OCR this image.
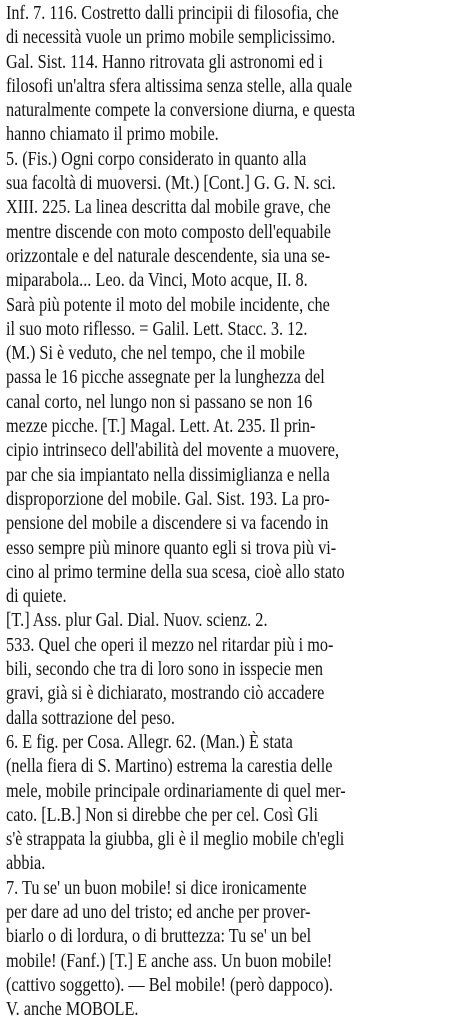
Inf. 7. 116. Costretto dalli principii di filosofia, che
di necessità vuole un primo mobile semplicissimo.
Gal. Sist. 114. Hanno ritrovata gli astronomi ed i
filosofi un'altra sfera altissima senza stelle, alla quale
naturalmente compete la conversione diurna, e questa
hanno chiamato il primo mobile.
5. (Fis.) Ogni corpo considerato in quanto alla
sua facoltà di muoversi. (Mt.) [Cont.] G. G. N. sci.
XIII. 225. La linea descritta dal mobile grave, che
mentre discende con moto composto dell'equabile
orizzontale e del naturale descendente, sia una se-
miparabola... Leo. da Vinci, Moto acque, II. 8.
Sarà più potente il moto del mobile incidente, che
il suo moto riflesso. = Galil. Lett. Stacc. 3. 12.
(M.) Si è veduto, che nel tempo, che il mobile
passa le 16 picche assegnate per la lunghezza del
canal corto, nel lungo non si passano se non 16
mezze picche. [T.] Magal. Lett. At. 235. Il prin-
cipio intrinseco dell'abilità del movente a muovere,
par che sia impiantato nella dissimiglianza e nella
disproporzione del mobile. Gal. Sist. 193. La pro-
pensione del mobile a discendere si va facendo in
esso sempre più minore quanto egli si trova più vi-
cino al primo termine della sua scesa, cioè allo stato
di quiete.
[T.] Ass. plur Gal. Dial. Nuov. scienz. 2.
533. Quel che operi il mezzo nel ritardar più i mo-
bili, secondo che tra di loro sono in isspecie men
gravi, già si è dichiarato, mostrando ciò accadere
dalla sottrazione del peso.
6. E fig. per Cosa. Allegr. 62. (Man.) È stata
(nella fiera di S. Martino) estrema la carestia delle
mele, mobile principale ordinariamente di quel mer-
cato. [L.B.] Non si direbbe che per cel. Così Gli
s'è strappata la giubba, gli è il meglio mobile ch'egli
abbia.
7. Tu se' un buon mobile! si dice ironicamente
per dare ad uno del tristo; ed anche per prover-
biarlo o di lordura, o di bruttezza: Tu se' un bel
mobile! (Fanf.) [T.] E anche ass. Un buon mobile!
(cattivo soggetto). — Bel mobile! (però dappoco).
V. anche MOBOLE.
